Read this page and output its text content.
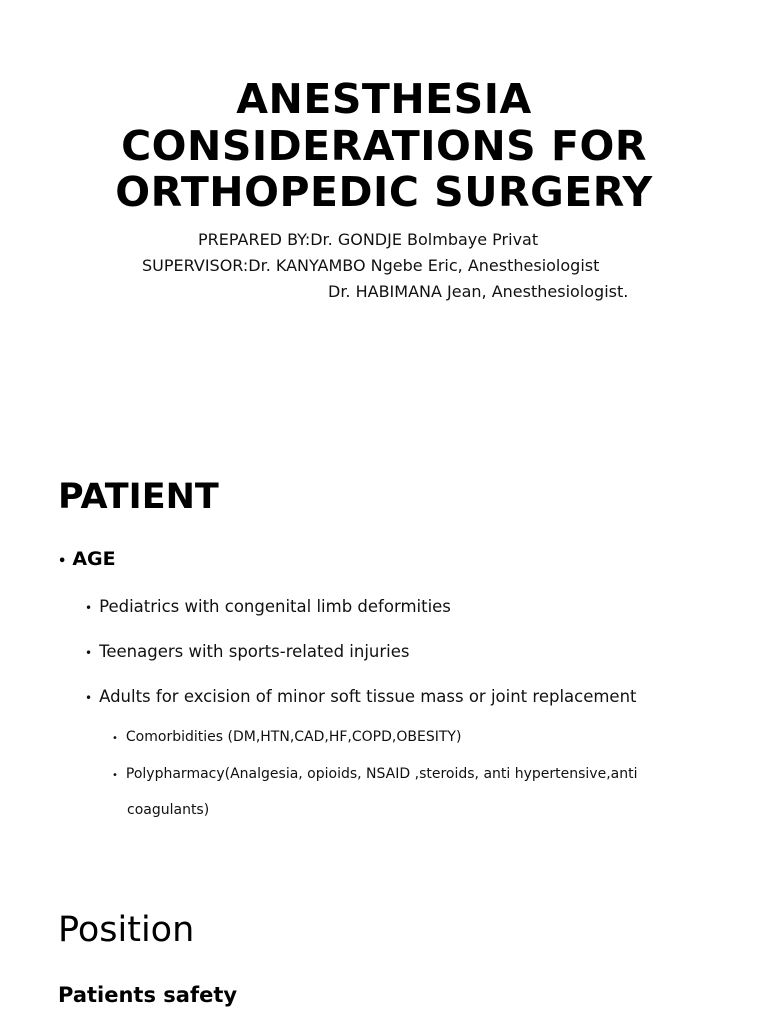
ANESTHESIA
CONSIDERATIONS FOR
ORTHOPEDIC SURGERY
PREPARED BY:Dr. GONDJE Bolmbaye Privat
SUPERVISOR:Dr. KANYAMBO Ngebe Eric, Anesthesiologist
Dr. HABIMANA Jean, Anesthesiologist.
PATIENT
• AGE
• Pediatrics with congenital limb deformities
• Teenagers with sports-related injuries
• Adults for excision of minor soft tissue mass or joint replacement
• Comorbidities (DM,HTN,CAD,HF,COPD,OBESITY)
• Polypharmacy(Analgesia, opioids, NSAID ,steroids, anti hypertensive,anti
coagulants)
Position
Patients safety
